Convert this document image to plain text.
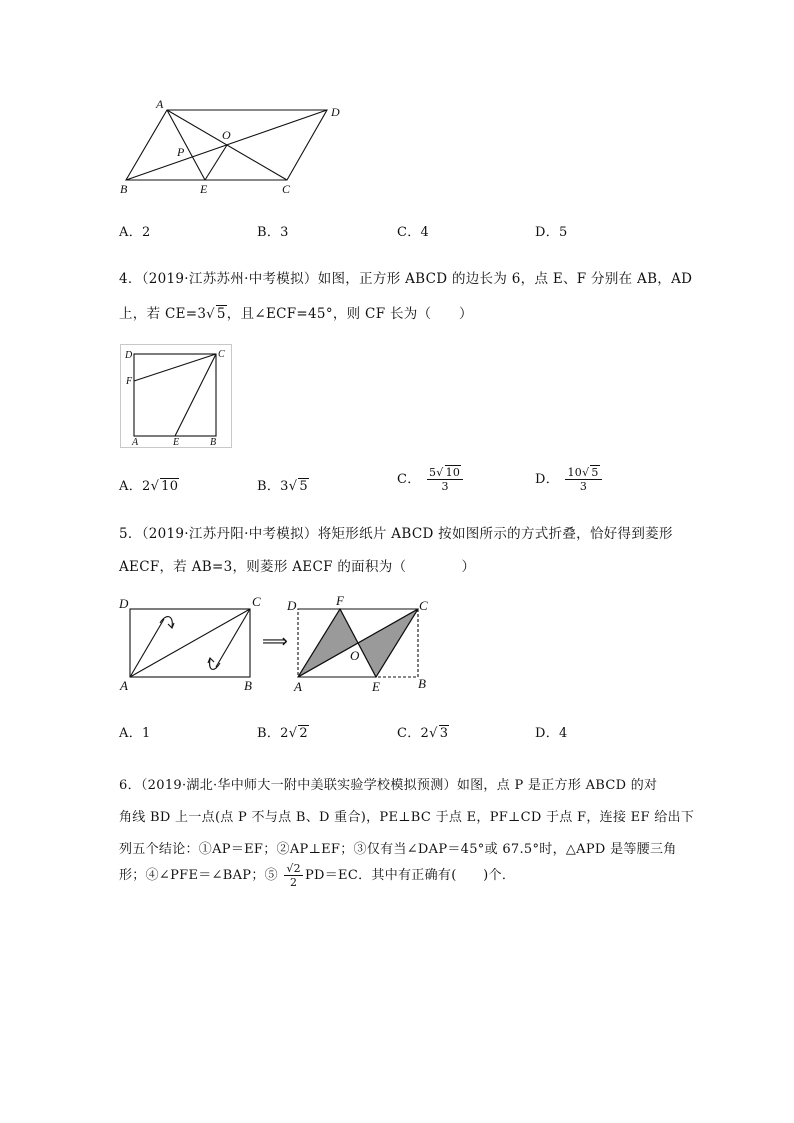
A
D
O
P
B	E	C
A．2	B．3	C．4	D．5
4．（2019·江苏苏州·中考模拟）如图，正方形 ABCD 的边长为 6，点 E、F 分别在 AB，AD
上，若 CE=3√ 5，且∠ECF=45°，则 CF 长为（　　）
D	C
F
A	E	B
A．2√ 10	B．3√ 5	C． $\frac{5√ 10}{3}$	D． $\frac{10√ 5}{3}$
5．（2019·江苏丹阳·中考模拟）将矩形纸片 ABCD 按如图所示的方式折叠，恰好得到菱形
AECF，若 AB=3，则菱形 AECF 的面积为（　　　　）
D	C
A	B
⟹
D	F	C
O
A	E	B
A．1	B．2√ 2	C．2√ 3	D．4
6．（2019·湖北·华中师大一附中美联实验学校模拟预测）如图，点 P 是正方形 ABCD 的对
角线 BD 上一点(点 P 不与点 B、D 重合)，PE⊥BC 于点 E，PF⊥CD 于点 F，连接 EF 给出下
列五个结论：①AP＝EF；②AP⊥EF；③仅有当∠DAP＝45°或 67.5°时，△APD 是等腰三角
形；④∠PFE＝∠BAP；⑤ $\frac{√2}{2} PD=EC$．其中有正确有(　　)个．
